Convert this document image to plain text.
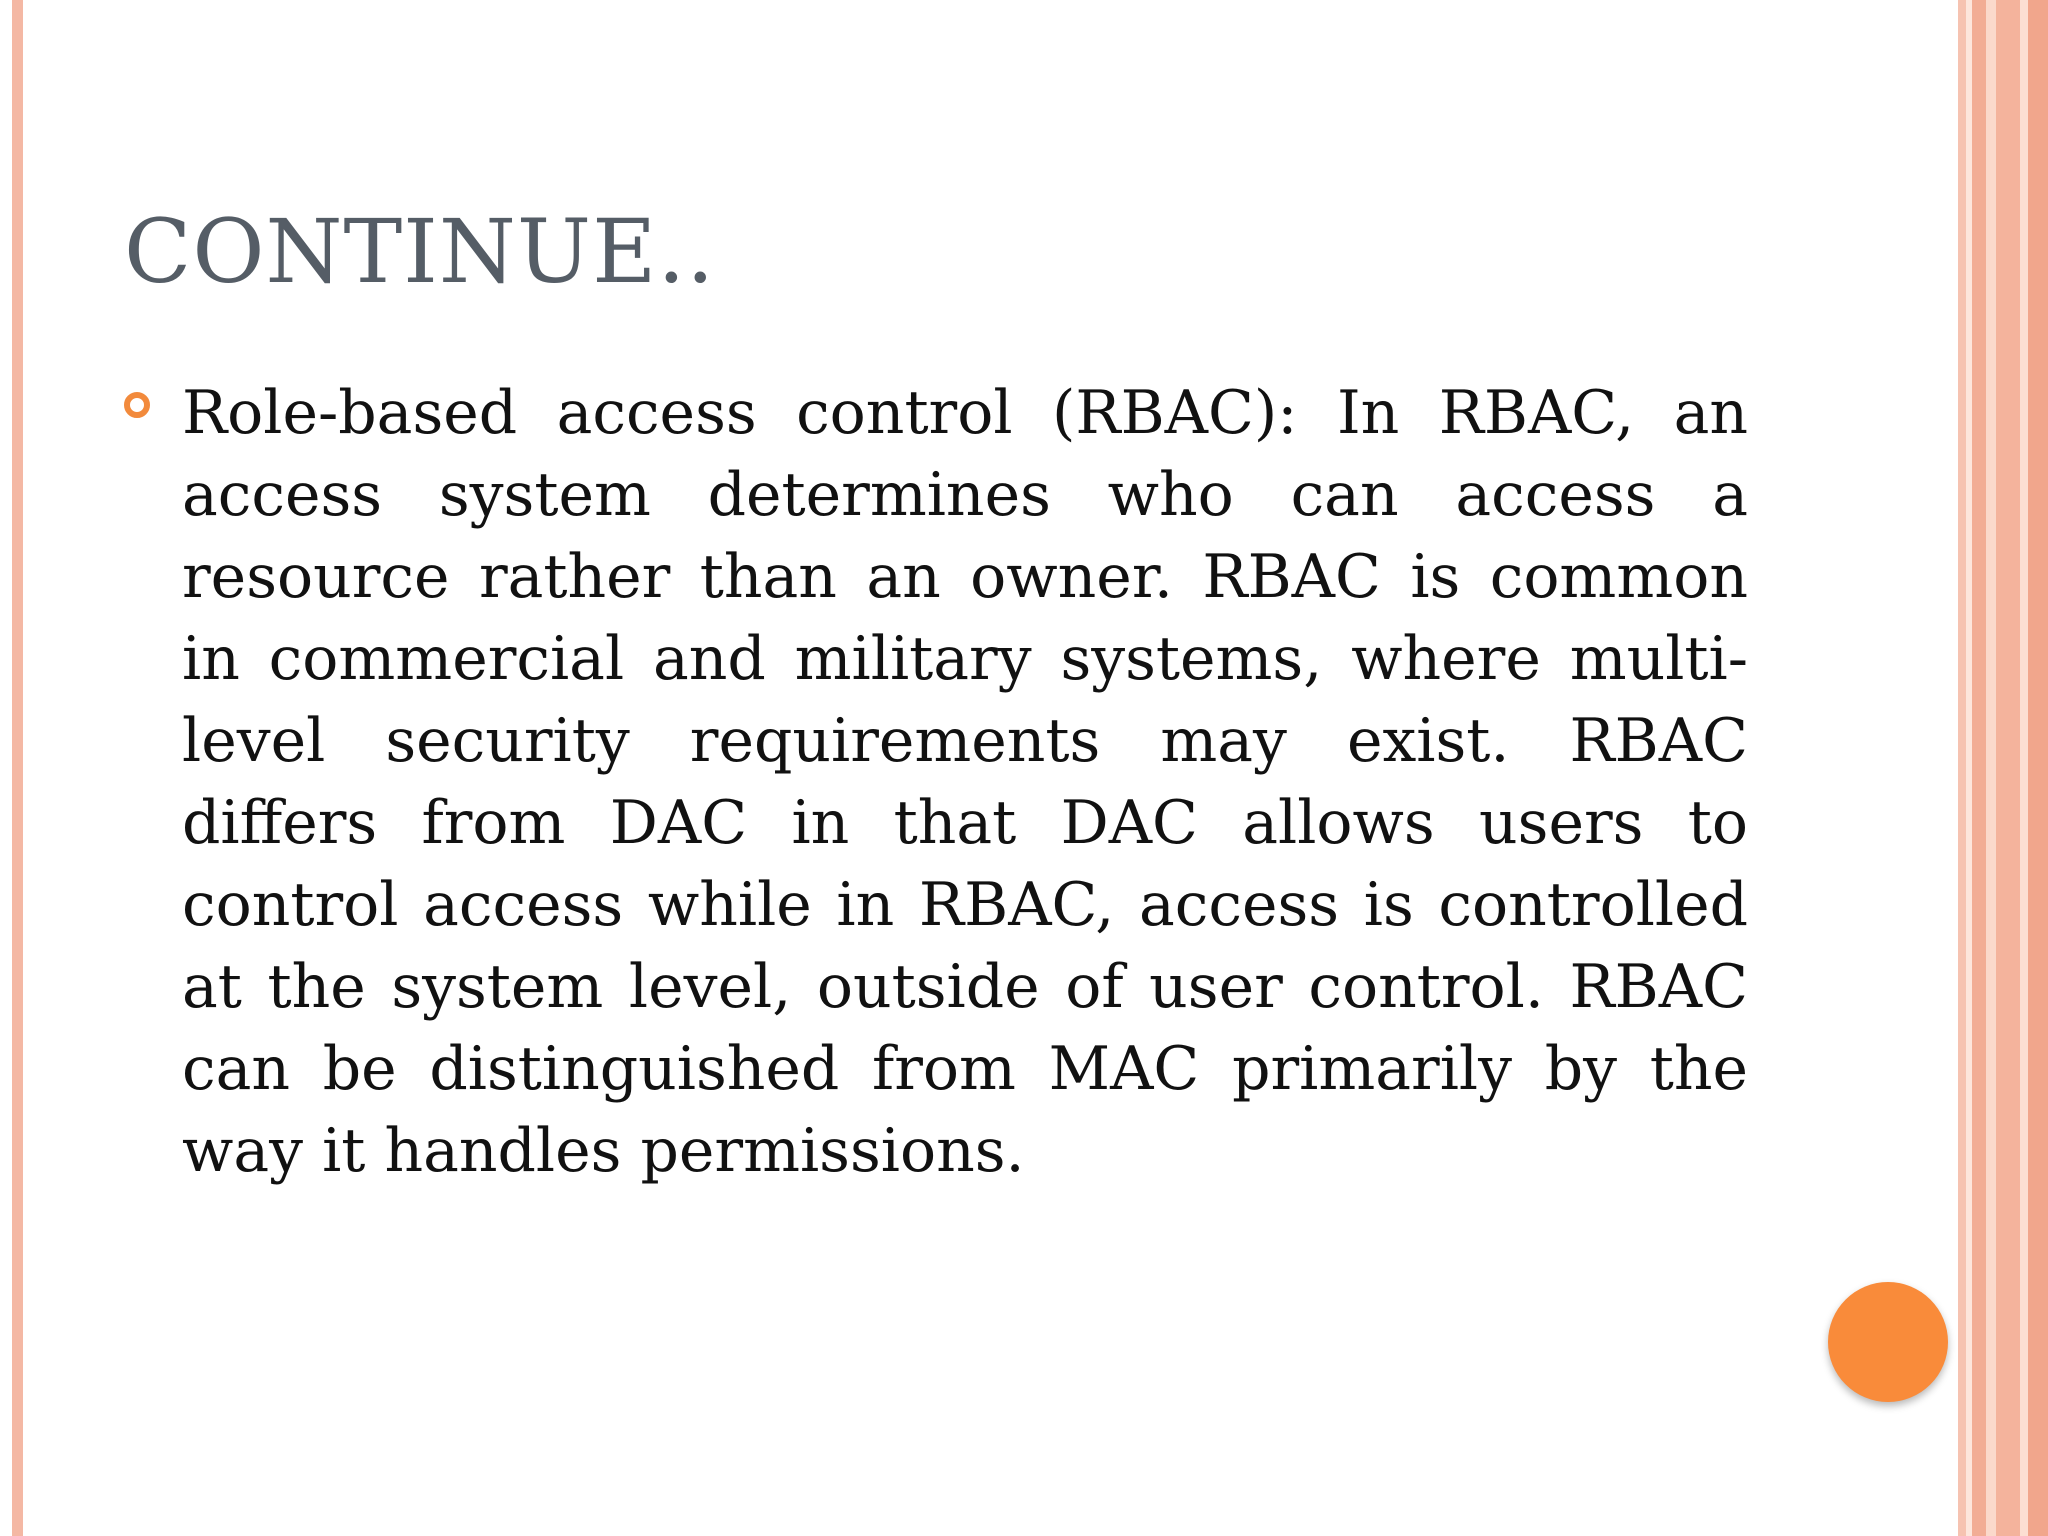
CONTINUE..

Role-based access control (RBAC): In RBAC, an access system determines who can access a resource rather than an owner. RBAC is common in commercial and military systems, where multi-level security requirements may exist. RBAC differs from DAC in that DAC allows users to control access while in RBAC, access is controlled at the system level, outside of user control. RBAC can be distinguished from MAC primarily by the way it handles permissions.
